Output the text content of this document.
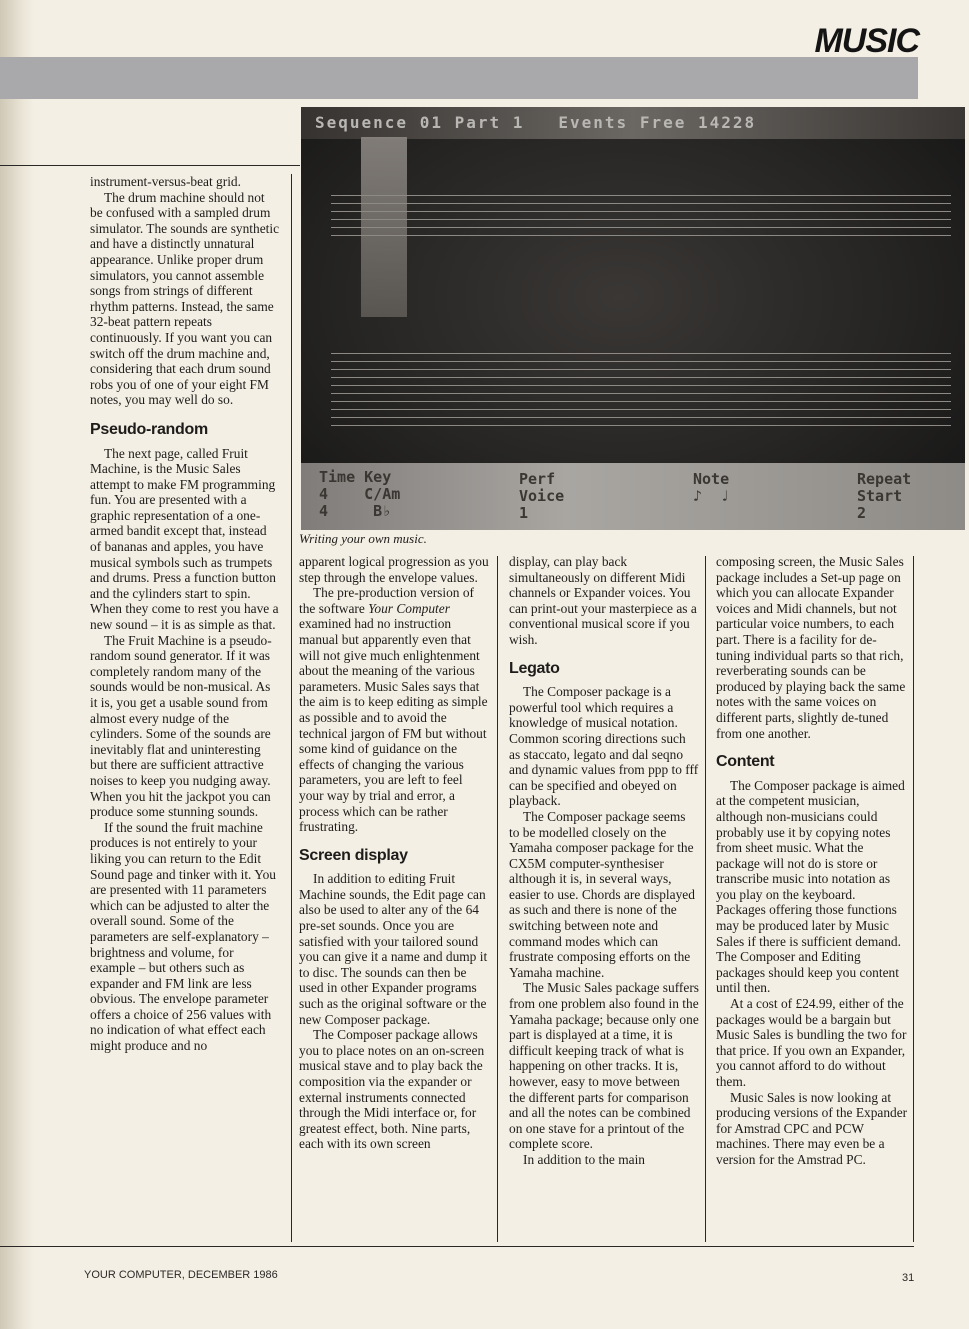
MUSIC
Sequence 01 Part 1 Events Free 14228
Time Key
4    C/Am
4     B♭
Perf
Voice
1
Note
♪  ♩
Repeat
Start
2
Writing your own music.

instrument-versus-beat grid.

The drum machine should not be confused with a sampled drum simulator. The sounds are synthetic and have a distinctly unnatural appearance. Unlike proper drum simulators, you cannot assemble songs from strings of different rhythm patterns. Instead, the same 32-beat pattern repeats continuously. If you want you can switch off the drum machine and, considering that each drum sound robs you of one of your eight FM notes, you may well do so.

Pseudo-random

The next page, called Fruit Machine, is the Music Sales attempt to make FM programming fun. You are presented with a graphic representation of a one-armed bandit except that, instead of bananas and apples, you have musical symbols such as trumpets and drums. Press a function button and the cylinders start to spin. When they come to rest you have a new sound – it is as simple as that.

The Fruit Machine is a pseudo-random sound generator. If it was completely random many of the sounds would be non-musical. As it is, you get a usable sound from almost every nudge of the cylinders. Some of the sounds are inevitably flat and uninteresting but there are sufficient attractive noises to keep you nudging away. When you hit the jackpot you can produce some stunning sounds.

If the sound the fruit machine produces is not entirely to your liking you can return to the Edit Sound page and tinker with it. You are presented with 11 parameters which can be adjusted to alter the overall sound. Some of the parameters are self-explanatory – brightness and volume, for example – but others such as expander and FM link are less obvious. The envelope parameter offers a choice of 256 values with no indication of what effect each might produce and no

apparent logical progression as you step through the envelope values.

The pre-production version of the software Your Computer examined had no instruction manual but apparently even that will not give much enlightenment about the meaning of the various parameters. Music Sales says that the aim is to keep editing as simple as possible and to avoid the technical jargon of FM but without some kind of guidance on the effects of changing the various parameters, you are left to feel your way by trial and error, a process which can be rather frustrating.

Screen display

In addition to editing Fruit Machine sounds, the Edit page can also be used to alter any of the 64 pre-set sounds. Once you are satisfied with your tailored sound you can give it a name and dump it to disc. The sounds can then be used in other Expander programs such as the original software or the new Composer package.

The Composer package allows you to place notes on an on-screen musical stave and to play back the composition via the expander or external instruments connected through the Midi interface or, for greatest effect, both. Nine parts, each with its own screen

display, can play back simultaneously on different Midi channels or Expander voices. You can print-out your masterpiece as a conventional musical score if you wish.

Legato

The Composer package is a powerful tool which requires a knowledge of musical notation. Common scoring directions such as staccato, legato and dal seqno and dynamic values from ppp to fff can be specified and obeyed on playback.

The Composer package seems to be modelled closely on the Yamaha composer package for the CX5M computer-synthesiser although it is, in several ways, easier to use. Chords are displayed as such and there is none of the switching between note and command modes which can frustrate composing efforts on the Yamaha machine.

The Music Sales package suffers from one problem also found in the Yamaha package; because only one part is displayed at a time, it is difficult keeping track of what is happening on other tracks. It is, however, easy to move between the different parts for comparison and all the notes can be combined on one stave for a printout of the complete score.

In addition to the main

composing screen, the Music Sales package includes a Set-up page on which you can allocate Expander voices and Midi channels, but not particular voice numbers, to each part. There is a facility for de-tuning individual parts so that rich, reverberating sounds can be produced by playing back the same notes with the same voices on different parts, slightly de-tuned from one another.

Content

The Composer package is aimed at the competent musician, although non-musicians could probably use it by copying notes from sheet music. What the package will not do is store or transcribe music into notation as you play on the keyboard. Packages offering those functions may be produced later by Music Sales if there is sufficient demand. The Composer and Editing packages should keep you content until then.

At a cost of £24.99, either of the packages would be a bargain but Music Sales is bundling the two for that price. If you own an Expander, you cannot afford to do without them.

Music Sales is now looking at producing versions of the Expander for Amstrad CPC and PCW machines. There may even be a version for the Amstrad PC.

YOUR COMPUTER, DECEMBER 1986	31
